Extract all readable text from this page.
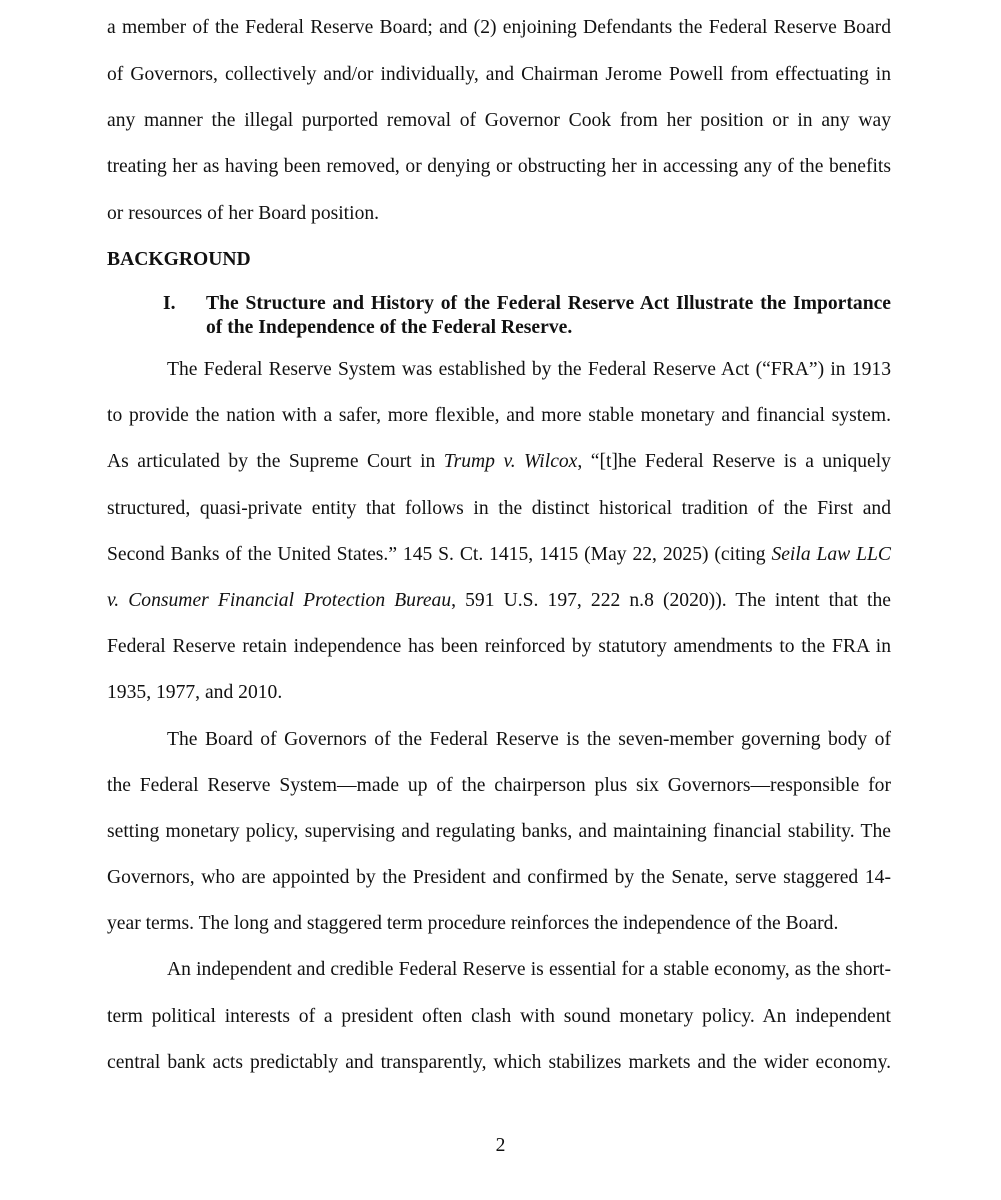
a member of the Federal Reserve Board; and (2) enjoining Defendants the Federal Reserve Board
of Governors, collectively and/or individually, and Chairman Jerome Powell from effectuating in
any manner the illegal purported removal of Governor Cook from her position or in any way
treating her as having been removed, or denying or obstructing her in accessing any of the benefits
or resources of her Board position.
BACKGROUND
I. The Structure and History of the Federal Reserve Act Illustrate the Importance
of the Independence of the Federal Reserve.
The Federal Reserve System was established by the Federal Reserve Act (“FRA”) in 1913
to provide the nation with a safer, more flexible, and more stable monetary and financial system.
As articulated by the Supreme Court in Trump v. Wilcox, “[t]he Federal Reserve is a uniquely
structured, quasi-private entity that follows in the distinct historical tradition of the First and
Second Banks of the United States.” 145 S. Ct. 1415, 1415 (May 22, 2025) (citing Seila Law LLC
v. Consumer Financial Protection Bureau, 591 U.S. 197, 222 n.8 (2020)). The intent that the
Federal Reserve retain independence has been reinforced by statutory amendments to the FRA in
1935, 1977, and 2010.
The Board of Governors of the Federal Reserve is the seven-member governing body of
the Federal Reserve System—made up of the chairperson plus six Governors—responsible for
setting monetary policy, supervising and regulating banks, and maintaining financial stability. The
Governors, who are appointed by the President and confirmed by the Senate, serve staggered 14-
year terms. The long and staggered term procedure reinforces the independence of the Board.
An independent and credible Federal Reserve is essential for a stable economy, as the short-
term political interests of a president often clash with sound monetary policy. An independent
central bank acts predictably and transparently, which stabilizes markets and the wider economy.
2
